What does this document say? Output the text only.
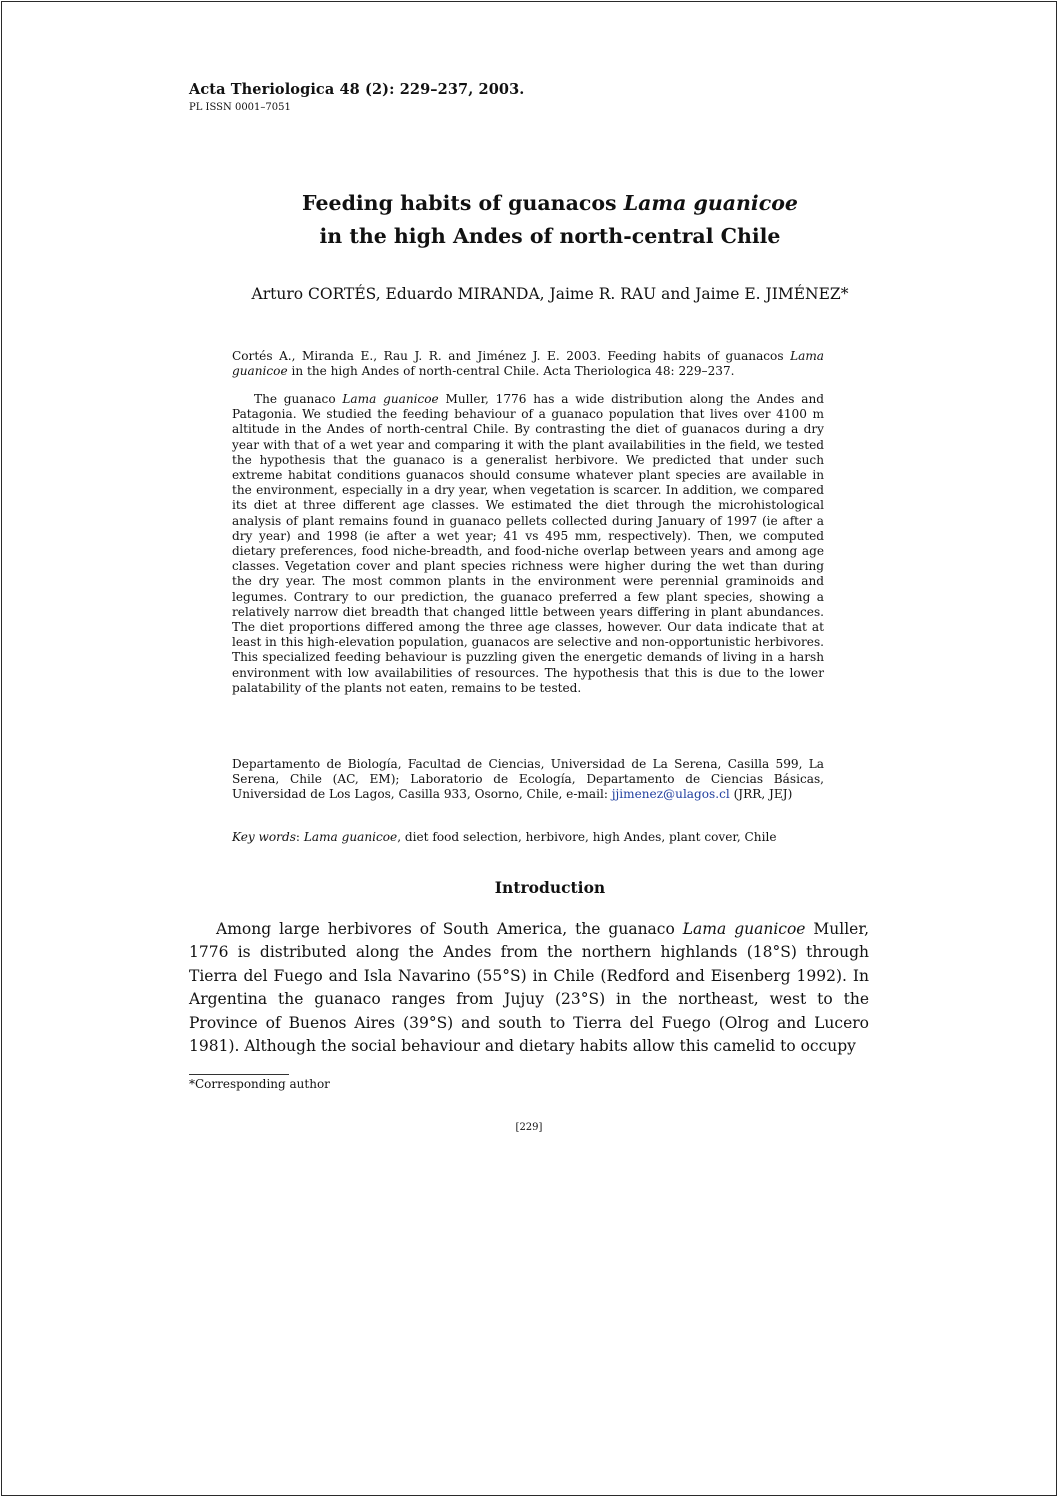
Acta Theriologica 48 (2): 229–237, 2003.
PL ISSN 0001–7051
Feeding habits of guanacos Lama guanicoe
in the high Andes of north-central Chile
Arturo CORTÉS, Eduardo MIRANDA, Jaime R. RAU and Jaime E. JIMÉNEZ*

Cortés A., Miranda E., Rau J. R. and Jiménez J. E. 2003. Feeding habits of guanacos Lama guanicoe in the high Andes of north-central Chile. Acta Theriologica 48: 229–237.

The guanaco Lama guanicoe Muller, 1776 has a wide distribution along the Andes and Patagonia. We studied the feeding behaviour of a guanaco population that lives over 4100 m altitude in the Andes of north-central Chile. By contrasting the diet of guanacos during a dry year with that of a wet year and comparing it with the plant availabilities in the field, we tested the hypothesis that the guanaco is a generalist herbivore. We predicted that under such extreme habitat conditions guanacos should consume whatever plant species are available in the environment, especially in a dry year, when vegetation is scarcer. In addition, we compared its diet at three different age classes. We estimated the diet through the microhistological analysis of plant remains found in guanaco pellets collected during January of 1997 (ie after a dry year) and 1998 (ie after a wet year; 41 vs 495 mm, respectively). Then, we computed dietary preferences, food niche-breadth, and food-niche overlap between years and among age classes. Vegetation cover and plant species richness were higher during the wet than during the dry year. The most common plants in the environment were perennial graminoids and legumes. Contrary to our prediction, the guanaco preferred a few plant species, showing a relatively narrow diet breadth that changed little between years differing in plant abundances. The diet proportions differed among the three age classes, however. Our data indicate that at least in this high-elevation population, guanacos are selective and non-opportunistic herbivores. This specialized feeding behaviour is puzzling given the energetic demands of living in a harsh environment with low availabilities of resources. The hypothesis that this is due to the lower palatability of the plants not eaten, remains to be tested.

Departamento de Biología, Facultad de Ciencias, Universidad de La Serena, Casilla 599, La Serena, Chile (AC, EM); Laboratorio de Ecología, Departamento de Ciencias Básicas, Universidad de Los Lagos, Casilla 933, Osorno, Chile, e-mail: jjimenez@ulagos.cl (JRR, JEJ)

Key words: Lama guanicoe, diet food selection, herbivore, high Andes, plant cover, Chile

Introduction
Among large herbivores of South America, the guanaco Lama guanicoe Muller, 1776 is distributed along the Andes from the northern highlands (18°S) through Tierra del Fuego and Isla Navarino (55°S) in Chile (Redford and Eisenberg 1992). In Argentina the guanaco ranges from Jujuy (23°S) in the northeast, west to the Province of Buenos Aires (39°S) and south to Tierra del Fuego (Olrog and Lucero 1981). Although the social behaviour and dietary habits allow this camelid to occupy
*Corresponding author
[229]
